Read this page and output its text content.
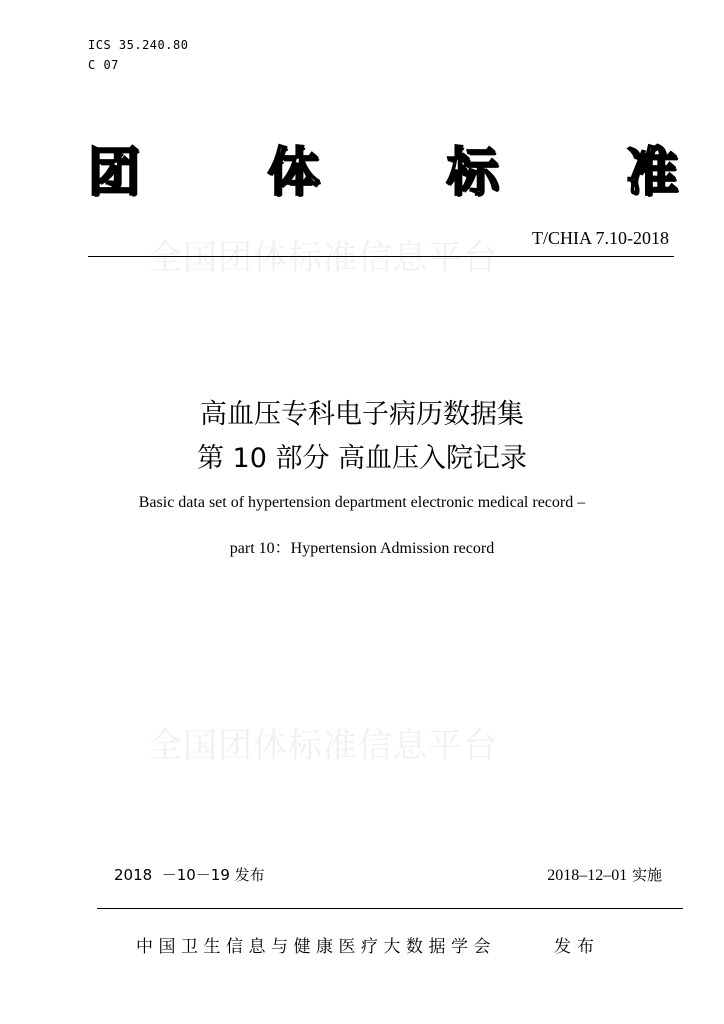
ICS 35.240.80
C 07
团 体 标 准
全国团体标准信息平台 T/CHIA 7.10-2018
高血压专科电子病历数据集
第 10 部分 高血压入院记录
Basic data set of hypertension department electronic medical record –
part 10：Hypertension Admission record
全国团体标准信息平台
2018  －10－19 发布	2018–12–01 实施
中国卫生信息与健康医疗大数据学会	发布
